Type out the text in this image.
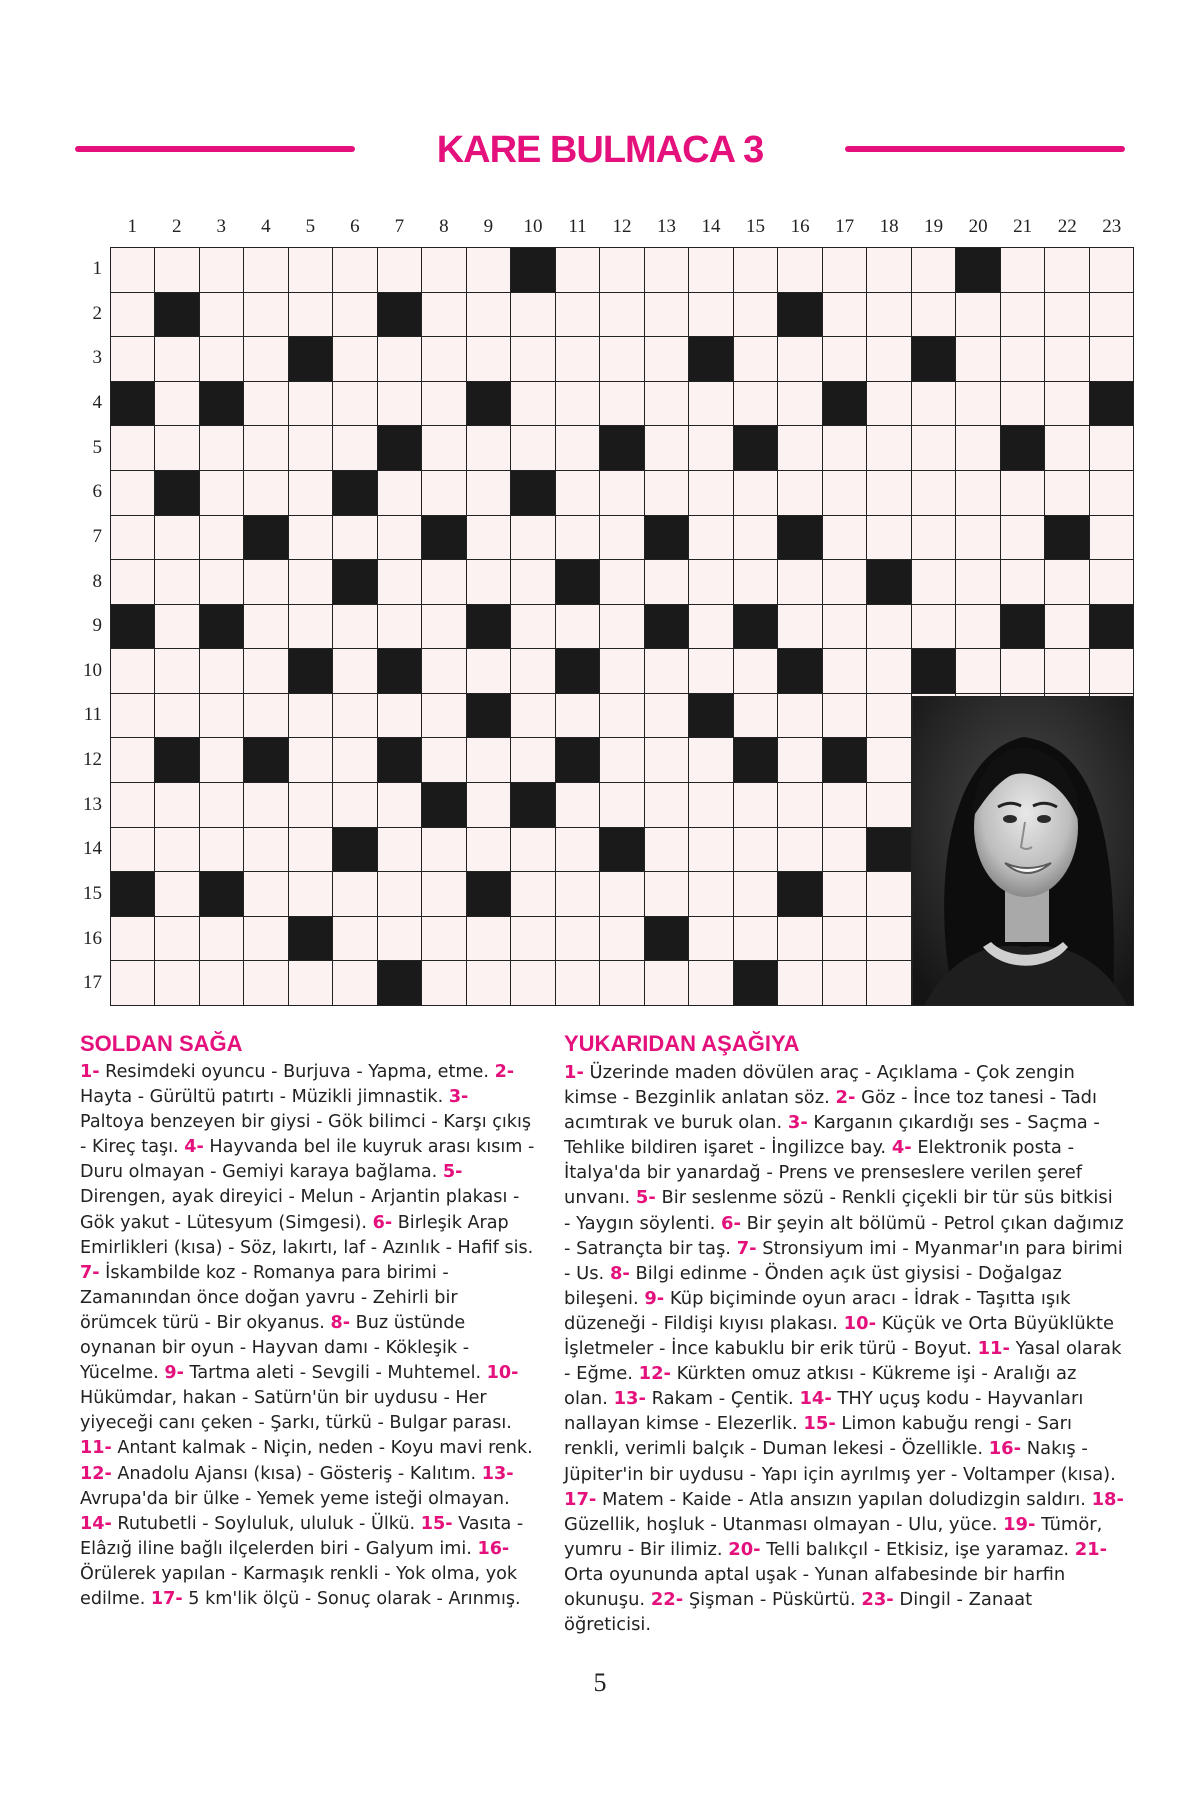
KARE BULMACA 3
1	2	3	4	5	6	7	8	9	10	11	12	13	14	15	16	17	18	19	20	21	22	23
1
2
3
4
5
6
7
8
9
10
11
12
13
14
15
16
17
SOLDAN SAĞA

1- Resimdeki oyuncu - Burjuva - Yapma, etme. 2- Hayta - Gürültü patırtı - Müzikli jimnastik. 3- Paltoya benzeyen bir giysi - Gök bilimci - Karşı çıkış - Kireç taşı. 4- Hayvanda bel ile kuyruk arası kısım - Duru olmayan - Gemiyi karaya bağlama. 5- Direngen, ayak direyici - Melun - Arjantin plakası - Gök yakut - Lütesyum (Simgesi). 6- Birleşik Arap Emirlikleri (kısa) - Söz, lakırtı, laf - Azınlık - Hafif sis. 7- İskambilde koz - Romanya para birimi - Zamanından önce doğan yavru - Zehirli bir örümcek türü - Bir okyanus. 8- Buz üstünde oynanan bir oyun - Hayvan damı - Kökleşik - Yücelme. 9- Tartma aleti - Sevgili - Muhtemel. 10- Hükümdar, hakan - Satürn'ün bir uydusu - Her yiyeceği canı çeken - Şarkı, türkü - Bulgar parası. 11- Antant kalmak - Niçin, neden - Koyu mavi renk. 12- Anadolu Ajansı (kısa) - Gösteriş - Kalıtım. 13- Avrupa'da bir ülke - Yemek yeme isteği olmayan. 14- Rutubetli - Soyluluk, ululuk - Ülkü. 15- Vasıta - Elâzığ iline bağlı ilçelerden biri - Galyum imi. 16- Örülerek yapılan - Karmaşık renkli - Yok olma, yok edilme. 17- 5 km'lik ölçü - Sonuç olarak - Arınmış.

YUKARIDAN AŞAĞIYA

1- Üzerinde maden dövülen araç - Açıklama - Çok zengin kimse - Bezginlik anlatan söz. 2- Göz - İnce toz tanesi - Tadı acımtırak ve buruk olan. 3- Karganın çıkardığı ses - Saçma - Tehlike bildiren işaret - İngilizce bay. 4- Elektronik posta - İtalya'da bir yanardağ - Prens ve prenseslere verilen şeref unvanı. 5- Bir seslenme sözü - Renkli çiçekli bir tür süs bitkisi - Yaygın söylenti. 6- Bir şeyin alt bölümü - Petrol çıkan dağımız - Satrançta bir taş. 7- Stronsiyum imi - Myanmar'ın para birimi - Us. 8- Bilgi edinme - Önden açık üst giysisi - Doğalgaz bileşeni. 9- Küp biçiminde oyun aracı - İdrak - Taşıtta ışık düzeneği - Fildişi kıyısı plakası. 10- Küçük ve Orta Büyüklükte İşletmeler - İnce kabuklu bir erik türü - Boyut. 11- Yasal olarak - Eğme. 12- Kürkten omuz atkısı - Kükreme işi - Aralığı az olan. 13- Rakam - Çentik. 14- THY uçuş kodu - Hayvanları nallayan kimse - Elezerlik. 15- Limon kabuğu rengi - Sarı renkli, verimli balçık - Duman lekesi - Özellikle. 16- Nakış - Jüpiter'in bir uydusu - Yapı için ayrılmış yer - Voltamper (kısa). 17- Matem - Kaide - Atla ansızın yapılan doludizgin saldırı. 18- Güzellik, hoşluk - Utanması olmayan - Ulu, yüce. 19- Tümör, yumru - Bir ilimiz. 20- Telli balıkçıl - Etkisiz, işe yaramaz. 21- Orta oyununda aptal uşak - Yunan alfabesinde bir harfin okunuşu. 22- Şişman - Püskürtü. 23- Dingil - Zanaat öğreticisi.

5
